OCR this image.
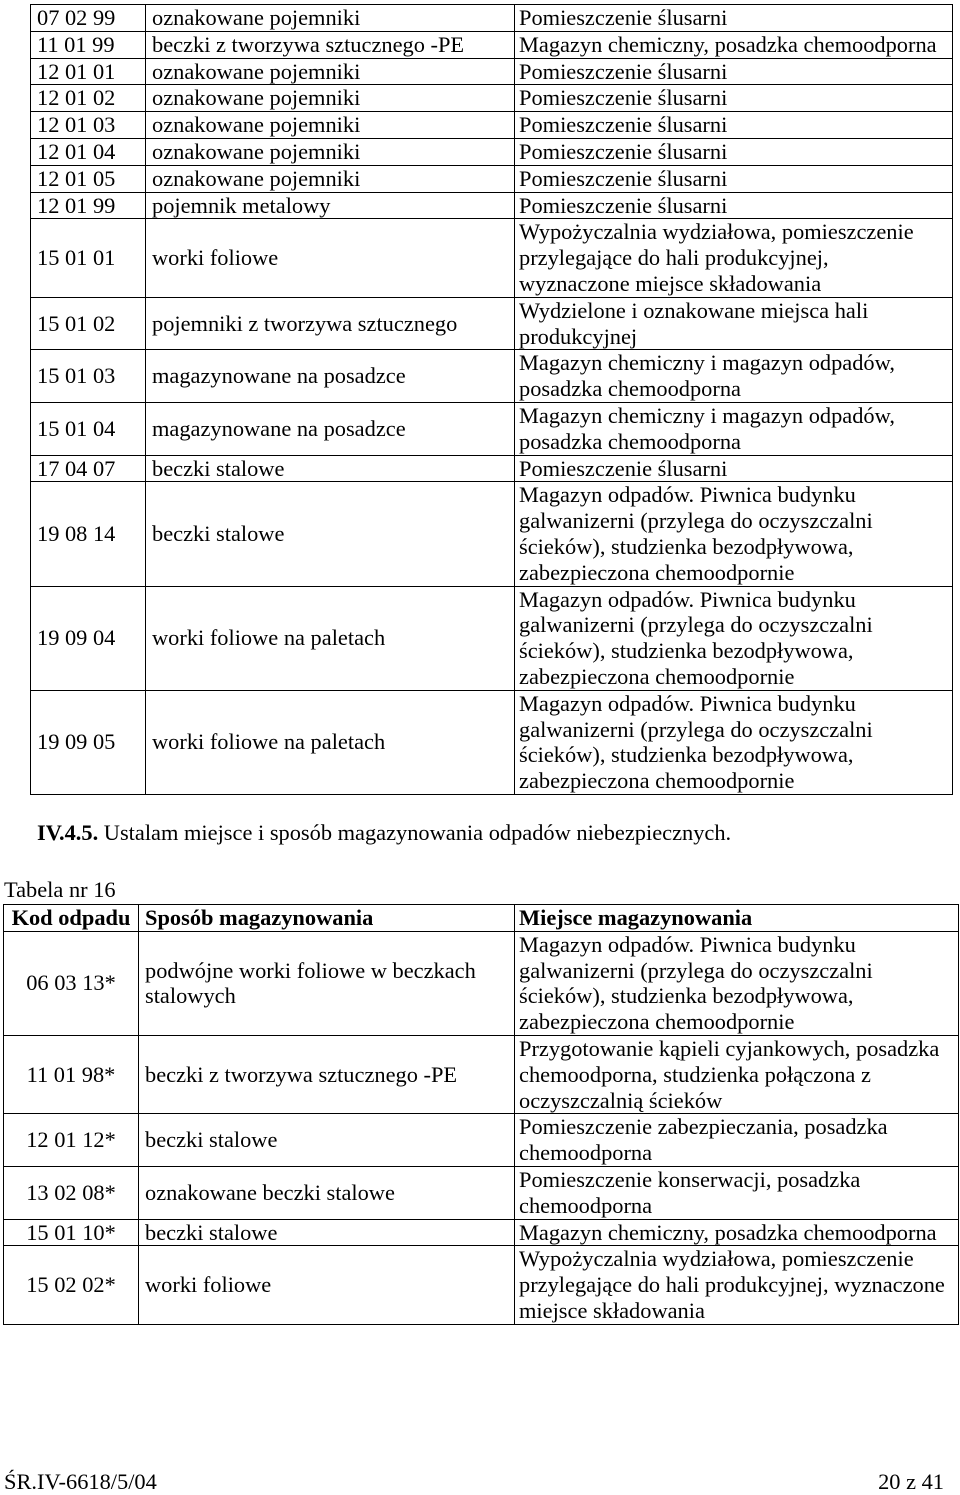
07 02 99	oznakowane pojemniki	Pomieszczenie ślusarni
11 01 99	beczki z tworzywa sztucznego -PE	Magazyn chemiczny, posadzka chemoodporna
12 01 01	oznakowane pojemniki	Pomieszczenie ślusarni
12 01 02	oznakowane pojemniki	Pomieszczenie ślusarni
12 01 03	oznakowane pojemniki	Pomieszczenie ślusarni
12 01 04	oznakowane pojemniki	Pomieszczenie ślusarni
12 01 05	oznakowane pojemniki	Pomieszczenie ślusarni
12 01 99	pojemnik metalowy	Pomieszczenie ślusarni
15 01 01	worki foliowe	Wypożyczalnia wydziałowa, pomieszczenie
przylegające do hali produkcyjnej,
wyznaczone miejsce składowania
15 01 02	pojemniki z tworzywa sztucznego	Wydzielone i oznakowane miejsca hali
produkcyjnej
15 01 03	magazynowane na posadzce	Magazyn chemiczny i magazyn odpadów,
posadzka chemoodporna
15 01 04	magazynowane na posadzce	Magazyn chemiczny i magazyn odpadów,
posadzka chemoodporna
17 04 07	beczki stalowe	Pomieszczenie ślusarni
19 08 14	beczki stalowe	Magazyn odpadów. Piwnica budynku
galwanizerni (przylega do oczyszczalni
ścieków), studzienka bezodpływowa,
zabezpieczona chemoodpornie
19 09 04	worki foliowe na paletach	Magazyn odpadów. Piwnica budynku
galwanizerni (przylega do oczyszczalni
ścieków), studzienka bezodpływowa,
zabezpieczona chemoodpornie
19 09 05	worki foliowe na paletach	Magazyn odpadów. Piwnica budynku
galwanizerni (przylega do oczyszczalni
ścieków), studzienka bezodpływowa,
zabezpieczona chemoodpornie
IV.4.5. Ustalam miejsce i sposób magazynowania odpadów niebezpiecznych.
Tabela nr 16
Kod odpadu	Sposób magazynowania	Miejsce magazynowania
06 03 13*	podwójne worki foliowe w beczkach
stalowych	Magazyn odpadów. Piwnica budynku
galwanizerni (przylega do oczyszczalni
ścieków), studzienka bezodpływowa,
zabezpieczona chemoodpornie
11 01 98*	beczki z tworzywa sztucznego -PE	Przygotowanie kąpieli cyjankowych, posadzka
chemoodporna, studzienka połączona z
oczyszczalnią ścieków
12 01 12*	beczki stalowe	Pomieszczenie zabezpieczania, posadzka
chemoodporna
13 02 08*	oznakowane beczki stalowe	Pomieszczenie konserwacji, posadzka
chemoodporna
15 01 10*	beczki stalowe	Magazyn chemiczny, posadzka chemoodporna
15 02 02*	worki foliowe	Wypożyczalnia wydziałowa, pomieszczenie
przylegające do hali produkcyjnej, wyznaczone
miejsce składowania
ŚR.IV-6618/5/04	20 z 41
